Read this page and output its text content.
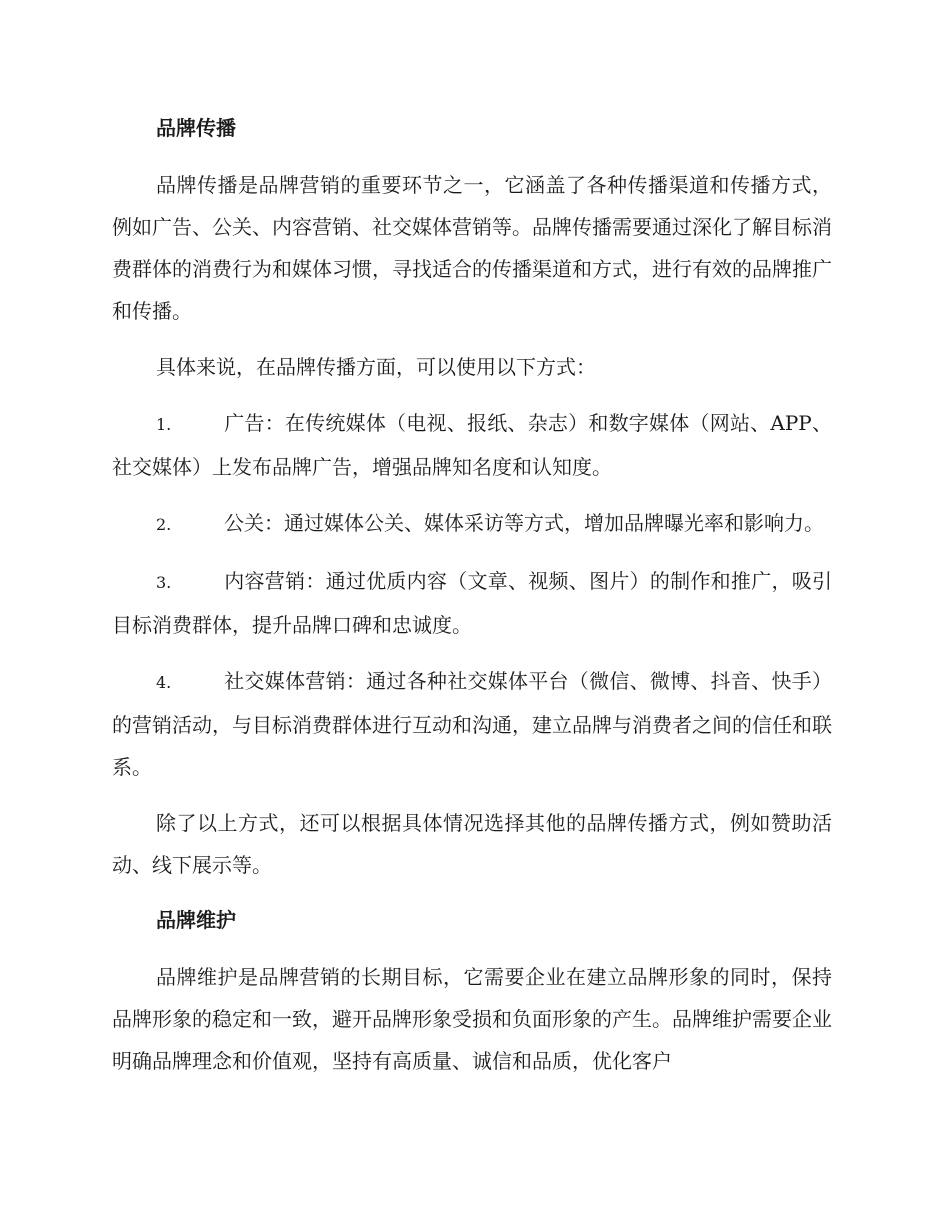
品牌传播

品牌传播是品牌营销的重要环节之一，它涵盖了各种传播渠道和传播方式，例如广告、公关、内容营销、社交媒体营销等。品牌传播需要通过深化了解目标消费群体的消费行为和媒体习惯，寻找适合的传播渠道和方式，进行有效的品牌推广和传播。

具体来说，在品牌传播方面，可以使用以下方式：

1.	广告：在传统媒体（电视、报纸、杂志）和数字媒体（网站、APP、社交媒体）上发布品牌广告，增强品牌知名度和认知度。

2.	公关：通过媒体公关、媒体采访等方式，增加品牌曝光率和影响力。

3.	内容营销：通过优质内容（文章、视频、图片）的制作和推广，吸引目标消费群体，提升品牌口碑和忠诚度。

4.	社交媒体营销：通过各种社交媒体平台（微信、微博、抖音、快手）的营销活动，与目标消费群体进行互动和沟通，建立品牌与消费者之间的信任和联系。

除了以上方式，还可以根据具体情况选择其他的品牌传播方式，例如赞助活动、线下展示等。

品牌维护

品牌维护是品牌营销的长期目标，它需要企业在建立品牌形象的同时，保持品牌形象的稳定和一致，避开品牌形象受损和负面形象的产生。品牌维护需要企业明确品牌理念和价值观，坚持有高质量、诚信和品质，优化客户
